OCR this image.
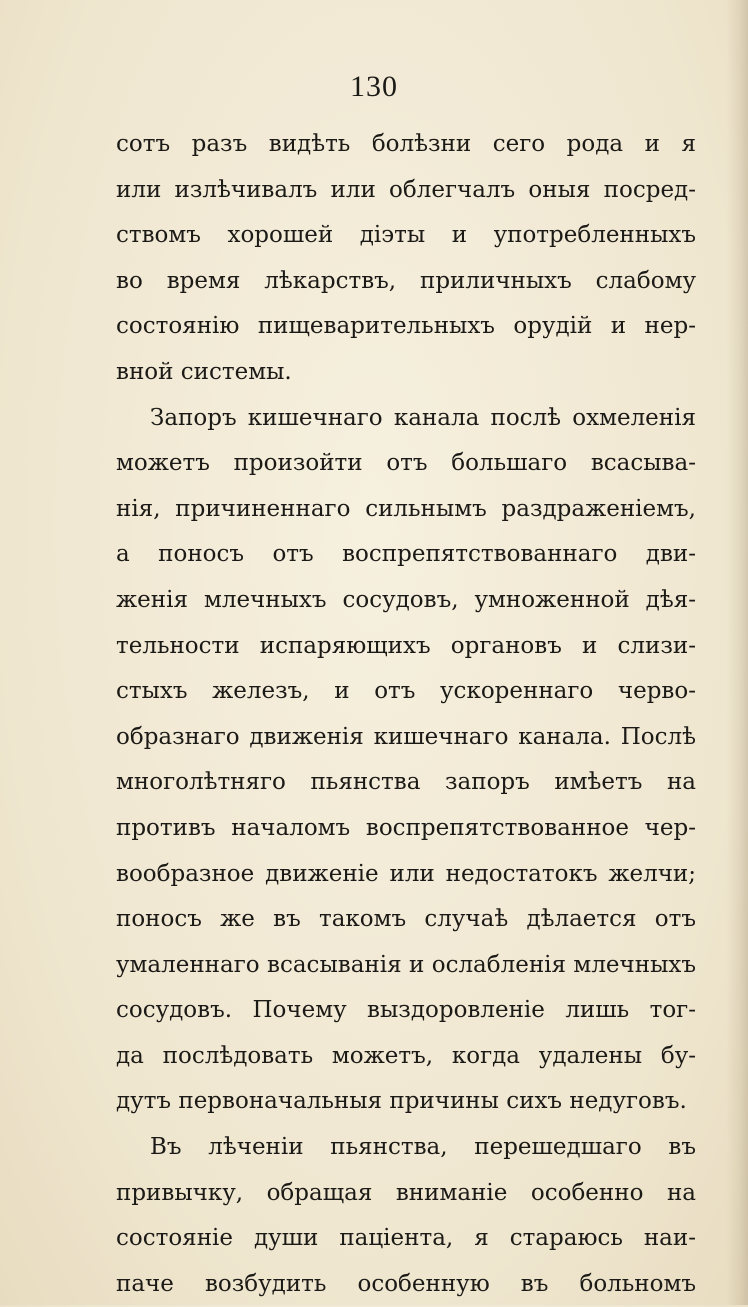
130
сотъ разъ видѣть болѣзни сего рода и я
или излѣчивалъ или облегчалъ оныя посред-
ствомъ хорошей діэты и употребленныхъ
во время лѣкарствъ, приличныхъ слабому
состоянію пищеварительныхъ орудій и нер-
вной системы.
Запоръ кишечнаго канала послѣ охмеленія
можетъ произойти отъ большаго всасыва-
нія, причиненнаго сильнымъ раздраженіемъ,
а поносъ отъ воспрепятствованнаго дви-
женія млечныхъ сосудовъ, умноженной дѣя-
тельности испаряющихъ органовъ и слизи-
стыхъ железъ, и отъ ускореннаго черво-
образнаго движенія кишечнаго канала. Послѣ
многолѣтняго пьянства запоръ имѣетъ на
противъ началомъ воспрепятствованное чер-
вообразное движеніе или недостатокъ желчи;
поносъ же въ такомъ случаѣ дѣлается отъ
умаленнаго всасыванія и ослабленія млечныхъ
сосудовъ. Почему выздоровленіе лишь тог-
да послѣдовать можетъ, когда удалены бу-
дутъ первоначальныя причины сихъ недуговъ.
Въ лѣченіи пьянства, перешедшаго въ
привычку, обращая вниманіе особенно на
состояніе души паціента, я стараюсь наи-
паче возбудить особенную въ больномъ
